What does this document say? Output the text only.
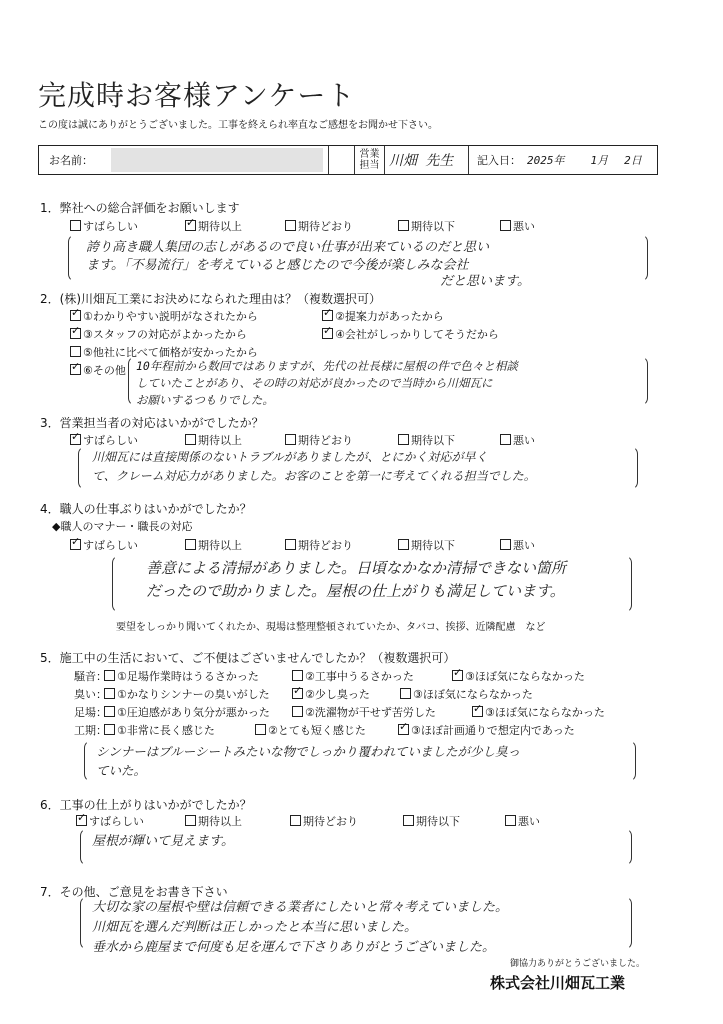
完成時お客様アンケート
この度は誠にありがとうございました。工事を終えられ率直なご感想をお聞かせ下さい。
お名前：	営業
担当 川畑 先生	記入日： 2025年 1月 2日
1．弊社への総合評価をお願いします
すばらしい ✓	期待以上	期待どおり	期待以下	悪い
誇り高き職人集団の志しがあるので良い仕事が出来ているのだと思い
ます。「不易流行」を考えていると感じたので今後が楽しみな会社
だと思います。
2．(株)川畑瓦工業にお決めになられた理由は？（複数選択可）
✓①わかりやすい説明がなされたから ✓	②提案力があったから
✓③スタッフの対応がよかったから ✓	④会社がしっかりしてそうだから
⑤他社に比べて価格が安かったから
✓⑥その他 10年程前から数回ではありますが、先代の社長様に屋根の件で色々と相談
していたことがあり、その時の対応が良かったので当時から川畑瓦に
お願いするつもりでした。
3．営業担当者の対応はいかがでしたか？
✓すばらしい	期待以上	期待どおり	期待以下	悪い
川畑瓦には直接関係のないトラブルがありましたが、とにかく対応が早く
て、クレーム対応力がありました。お客のことを第一に考えてくれる担当でした。
4．職人の仕事ぶりはいかがでしたか？
◆職人のマナー・職長の対応
✓すばらしい	期待以上	期待どおり	期待以下	悪い
善意による清掃がありました。日頃なかなか清掃できない箇所
だったので助かりました。屋根の仕上がりも満足しています。
要望をしっかり聞いてくれたか、現場は整理整頓されていたか、タバコ、挨拶、近隣配慮　など
5．施工中の生活において、ご不便はございませんでしたか？（複数選択可）
騒音： ①足場作業時はうるさかった	②工事中うるさかった ✓	③ほぼ気にならなかった
臭い： ①かなりシンナーの臭いがした ✓	②少し臭った	③ほぼ気にならなかった
足場： ①圧迫感があり気分が悪かった	②洗濯物が干せず苦労した ✓	③ほぼ気にならなかった
工期： ①非常に長く感じた	②とても短く感じた ✓	③ほぼ計画通りで想定内であった
シンナーはブルーシートみたいな物でしっかり覆われていましたが少し臭っ
ていた。
6．工事の仕上がりはいかがでしたか？
✓すばらしい	期待以上	期待どおり	期待以下	悪い
屋根が輝いて見えます。
7．その他、ご意見をお書き下さい
大切な家の屋根や壁は信頼できる業者にしたいと常々考えていました。
川畑瓦を選んだ判断は正しかったと本当に思いました。
垂水から鹿屋まで何度も足を運んで下さりありがとうございました。
御協力ありがとうございました。
株式会社川畑瓦工業
